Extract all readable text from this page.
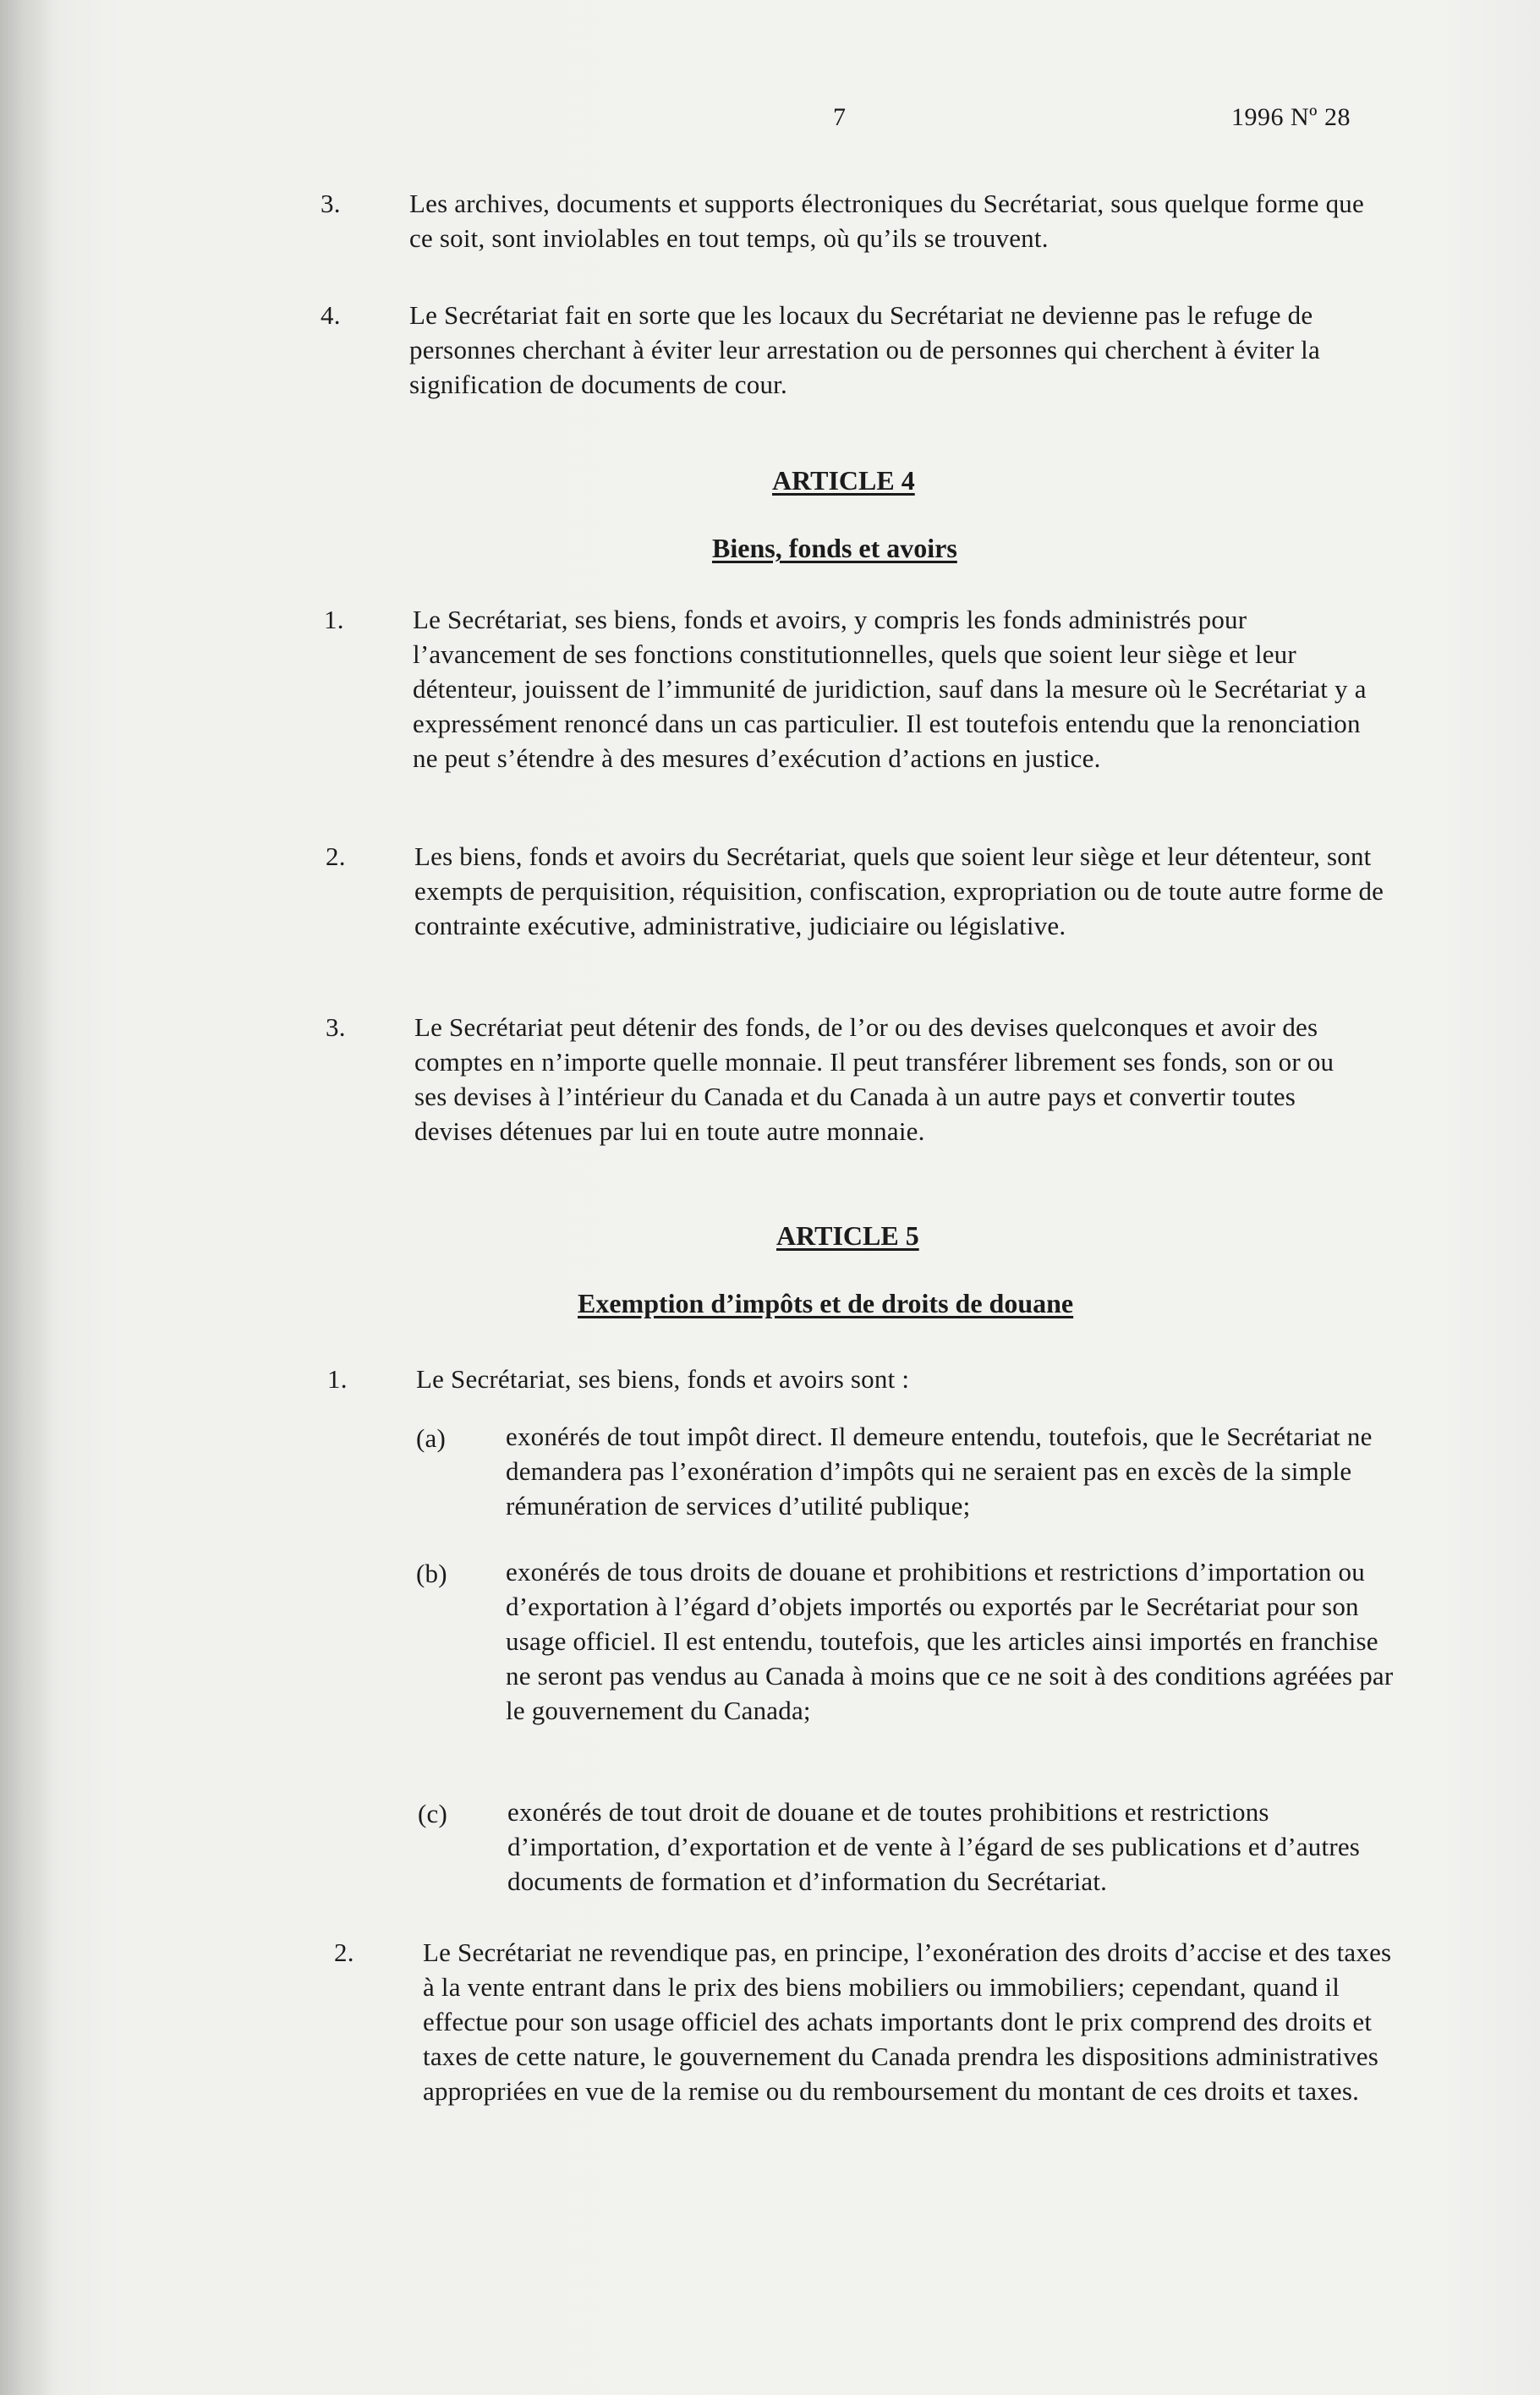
7	1996 Nº 28
3.	Les archives, documents et supports électroniques du Secrétariat, sous quelque forme que ce soit, sont inviolables en tout temps, où qu’ils se trouvent.
4.	Le Secrétariat fait en sorte que les locaux du Secrétariat ne devienne pas le refuge de personnes cherchant à éviter leur arrestation ou de personnes qui cherchent à éviter la signification de documents de cour.
ARTICLE 4
Biens, fonds et avoirs
1.	Le Secrétariat, ses biens, fonds et avoirs, y compris les fonds administrés pour l’avancement de ses fonctions constitutionnelles, quels que soient leur siège et leur détenteur, jouissent de l’immunité de juridiction, sauf dans la mesure où le Secrétariat y a expressément renoncé dans un cas particulier. Il est toutefois entendu que la renonciation ne peut s’étendre à des mesures d’exécution d’actions en justice.
2.	Les biens, fonds et avoirs du Secrétariat, quels que soient leur siège et leur détenteur, sont exempts de perquisition, réquisition, confiscation, expropriation ou de toute autre forme de contrainte exécutive, administrative, judiciaire ou législative.
3.	Le Secrétariat peut détenir des fonds, de l’or ou des devises quelconques et avoir des comptes en n’importe quelle monnaie. Il peut transférer librement ses fonds, son or ou ses devises à l’intérieur du Canada et du Canada à un autre pays et convertir toutes devises détenues par lui en toute autre monnaie.
ARTICLE 5
Exemption d’impôts et de droits de douane
1.	Le Secrétariat, ses biens, fonds et avoirs sont :
(a) exonérés de tout impôt direct. Il demeure entendu, toutefois, que le Secrétariat ne demandera pas l’exonération d’impôts qui ne seraient pas en excès de la simple rémunération de services d’utilité publique;
(b) exonérés de tous droits de douane et prohibitions et restrictions d’importation ou d’exportation à l’égard d’objets importés ou exportés par le Secrétariat pour son usage officiel. Il est entendu, toutefois, que les articles ainsi importés en franchise ne seront pas vendus au Canada à moins que ce ne soit à des conditions agréées par le gouvernement du Canada;
(c) exonérés de tout droit de douane et de toutes prohibitions et restrictions d’importation, d’exportation et de vente à l’égard de ses publications et d’autres documents de formation et d’information du Secrétariat.
2.	Le Secrétariat ne revendique pas, en principe, l’exonération des droits d’accise et des taxes à la vente entrant dans le prix des biens mobiliers ou immobiliers; cependant, quand il effectue pour son usage officiel des achats importants dont le prix comprend des droits et taxes de cette nature, le gouvernement du Canada prendra les dispositions administratives appropriées en vue de la remise ou du remboursement du montant de ces droits et taxes.
